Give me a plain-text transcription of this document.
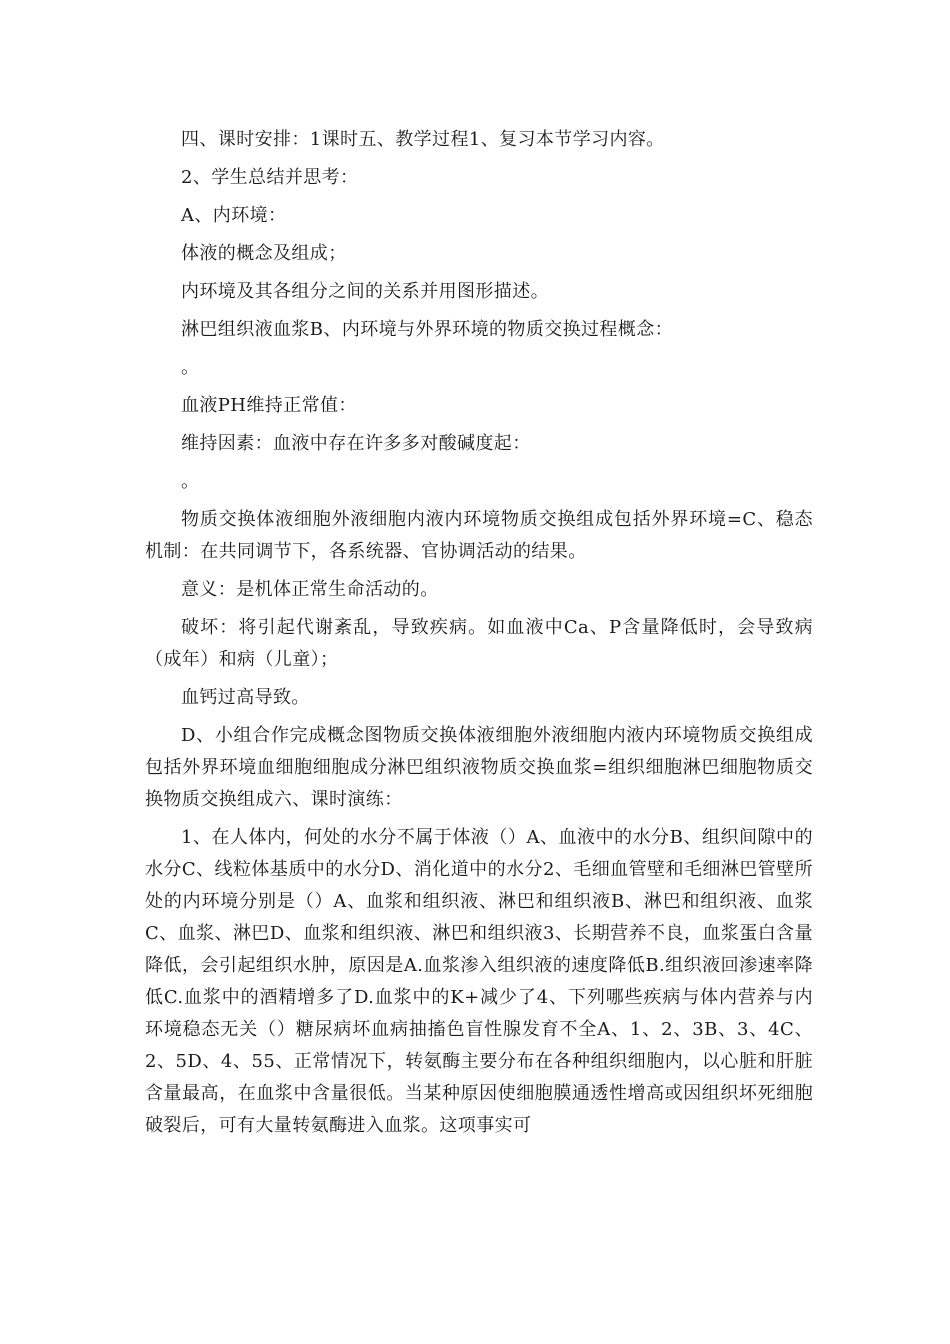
四、课时安排：1课时五、教学过程1、复习本节学习内容。

2、学生总结并思考：

A、内环境：

体液的概念及组成；

内环境及其各组分之间的关系并用图形描述。

淋巴组织液血浆B、内环境与外界环境的物质交换过程概念：

。

血液PH维持正常值：

维持因素：血液中存在许多多对酸碱度起：

。

物质交换体液细胞外液细胞内液内环境物质交换组成包括外界环境=C、稳态机制：在共同调节下，各系统器、官协调活动的结果。

意义：是机体正常生命活动的。

破坏：将引起代谢紊乱，导致疾病。如血液中Ca、P含量降低时，会导致病（成年）和病（儿童）；

血钙过高导致。

D、小组合作完成概念图物质交换体液细胞外液细胞内液内环境物质交换组成包括外界环境血细胞细胞成分淋巴组织液物质交换血浆=组织细胞淋巴细胞物质交换物质交换组成六、课时演练：

1、在人体内，何处的水分不属于体液（）A、血液中的水分B、组织间隙中的水分C、线粒体基质中的水分D、消化道中的水分2、毛细血管壁和毛细淋巴管壁所处的内环境分别是（）A、血浆和组织液、淋巴和组织液B、淋巴和组织液、血浆C、血浆、淋巴D、血浆和组织液、淋巴和组织液3、长期营养不良，血浆蛋白含量降低，会引起组织水肿，原因是A.血浆渗入组织液的速度降低B.组织液回渗速率降低C.血浆中的酒精增多了D.血浆中的K+减少了4、下列哪些疾病与体内营养与内环境稳态无关（）糖尿病坏血病抽搐色盲性腺发育不全A、1、2、3B、3、4C、2、5D、4、55、正常情况下，转氨酶主要分布在各种组织细胞内，以心脏和肝脏含量最高，在血浆中含量很低。当某种原因使细胞膜通透性增高或因组织坏死细胞破裂后，可有大量转氨酶进入血浆。这项事实可
